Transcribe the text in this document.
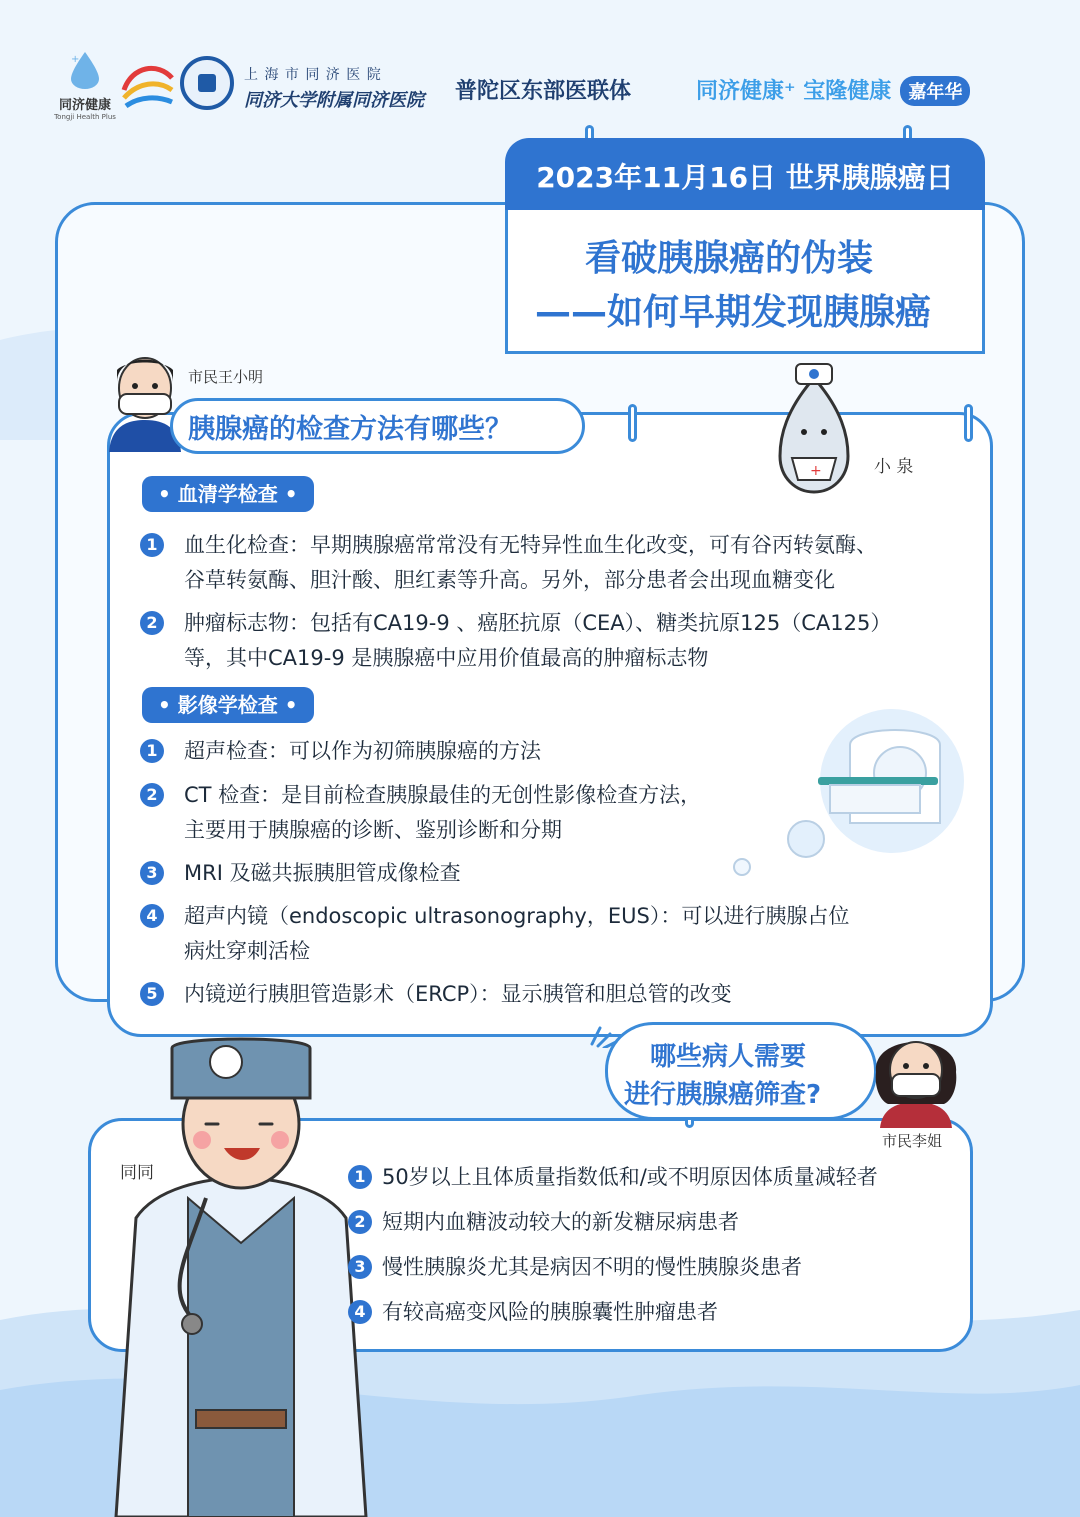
+
同济健康
Tongji Health Plus
上 海 市 同 济 医 院
同济大学附属同济医院 普陀区东部医联体	同济健康⁺ 宝隆健康 嘉年华
2023年11月16日 世界胰腺癌日
看破胰腺癌的伪装
——如何早期发现胰腺癌
市民王小明
胰腺癌的检查方法有哪些？
+	小 泉
• 血清学检查 •
1	血生化检查：早期胰腺癌常常没有无特异性血生化改变，可有谷丙转氨酶、
谷草转氨酶、胆汁酸、胆红素等升高。另外，部分患者会出现血糖变化
2	肿瘤标志物：包括有CA19-9 、癌胚抗原（CEA）、糖类抗原125（CA125）
等，其中CA19-9 是胰腺癌中应用价值最高的肿瘤标志物
• 影像学检查 •
1	超声检查：可以作为初筛胰腺癌的方法
2	CT 检查：是目前检查胰腺最佳的无创性影像检查方法，
主要用于胰腺癌的诊断、鉴别诊断和分期
3	MRI 及磁共振胰胆管成像检查
4	超声内镜（endoscopic ultrasonography，EUS）：可以进行胰腺占位
病灶穿刺活检
5	内镜逆行胰胆管造影术（ERCP）：显示胰管和胆总管的改变
哪些病人需要
进行胰腺癌筛查?
市民李姐
同同	1 50岁以上且体质量指数低和/或不明原因体质量减轻者
2 短期内血糖波动较大的新发糖尿病患者
3 慢性胰腺炎尤其是病因不明的慢性胰腺炎患者
4 有较高癌变风险的胰腺囊性肿瘤患者
